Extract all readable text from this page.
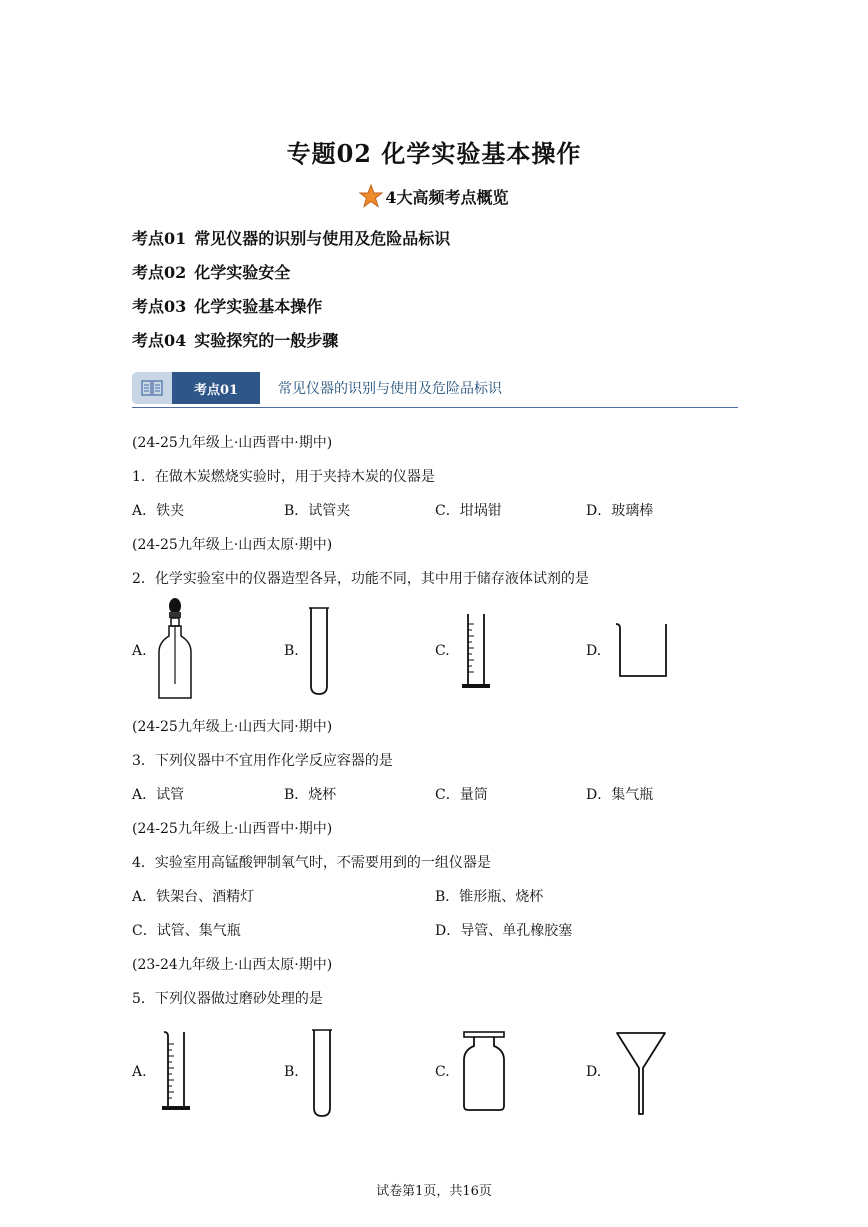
专题02 化学实验基本操作
4大高频考点概览
考点01 常见仪器的识别与使用及危险品标识
考点02 化学实验安全
考点03 化学实验基本操作
考点04 实验探究的一般步骤
考点01	常见仪器的识别与使用及危险品标识
(24-25九年级上·山西晋中·期中)
1．在做木炭燃烧实验时，用于夹持木炭的仪器是
A．铁夹	B．试管夹	C．坩埚钳	D．玻璃棒
(24-25九年级上·山西太原·期中)
2．化学实验室中的仪器造型各异，功能不同，其中用于储存液体试剂的是
A.	B.	C.	D.
(24-25九年级上·山西大同·期中)
3．下列仪器中不宜用作化学反应容器的是
A．试管	B．烧杯	C．量筒	D．集气瓶
(24-25九年级上·山西晋中·期中)
4．实验室用高锰酸钾制氧气时，不需要用到的一组仪器是
A．铁架台、酒精灯	B．锥形瓶、烧杯
C．试管、集气瓶	D．导管、单孔橡胶塞
(23-24九年级上·山西太原·期中)
5．下列仪器做过磨砂处理的是
A.	B.	C.	D.
试卷第1页，共16页
